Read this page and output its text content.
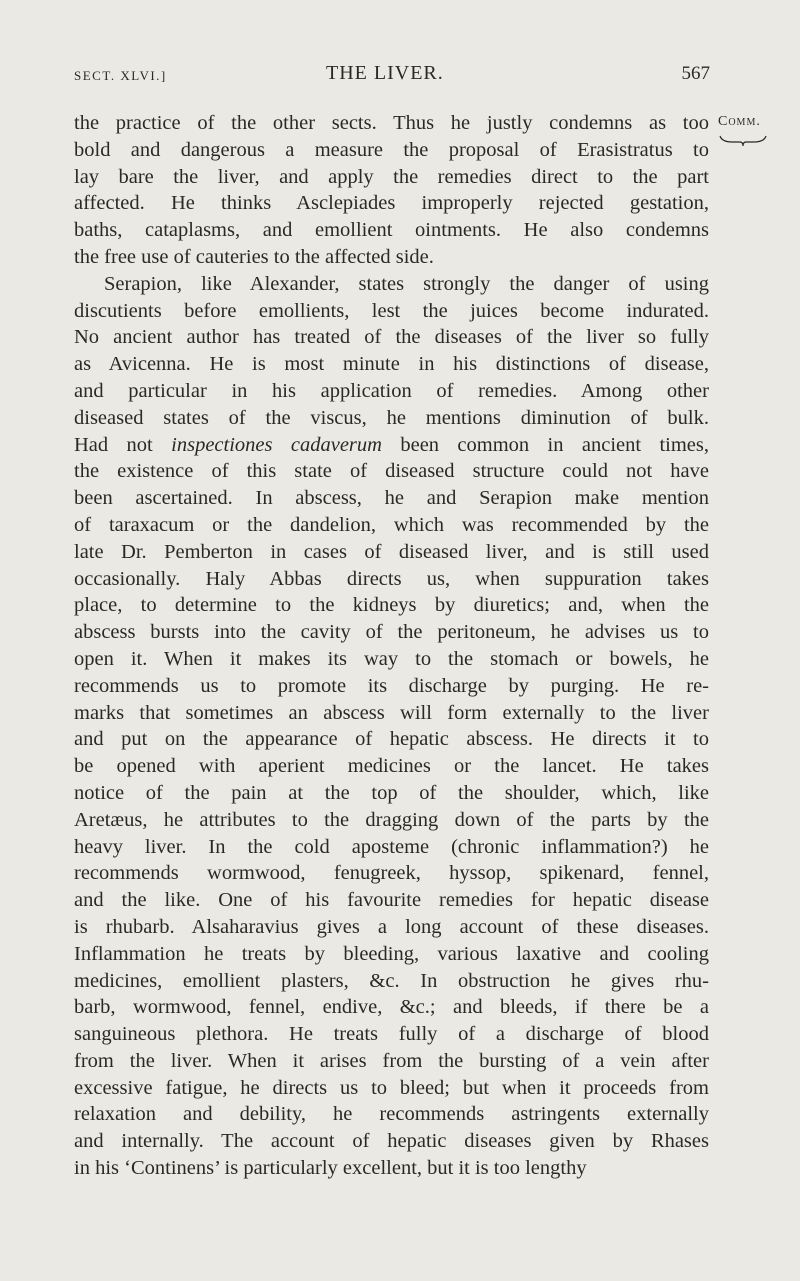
SECT. XLVI.]	THE LIVER.	567
Comm.
the practice of the other sects. Thus he justly condemns as too
bold and dangerous a measure the proposal of Erasistratus to
lay bare the liver, and apply the remedies direct to the part
affected. He thinks Asclepiades improperly rejected gestation,
baths, cataplasms, and emollient ointments. He also condemns
the free use of cauteries to the affected side.
Serapion, like Alexander, states strongly the danger of using
discutients before emollients, lest the juices become indurated.
No ancient author has treated of the diseases of the liver so fully
as Avicenna. He is most minute in his distinctions of disease,
and particular in his application of remedies. Among other
diseased states of the viscus, he mentions diminution of bulk.
Had not inspectiones cadaverum been common in ancient times,
the existence of this state of diseased structure could not have
been ascertained. In abscess, he and Serapion make mention
of taraxacum or the dandelion, which was recommended by the
late Dr. Pemberton in cases of diseased liver, and is still used
occasionally. Haly Abbas directs us, when suppuration takes
place, to determine to the kidneys by diuretics; and, when the
abscess bursts into the cavity of the peritoneum, he advises us to
open it. When it makes its way to the stomach or bowels, he
recommends us to promote its discharge by purging. He re-
marks that sometimes an abscess will form externally to the liver
and put on the appearance of hepatic abscess. He directs it to
be opened with aperient medicines or the lancet. He takes
notice of the pain at the top of the shoulder, which, like
Aretæus, he attributes to the dragging down of the parts by the
heavy liver. In the cold aposteme (chronic inflammation?) he
recommends wormwood, fenugreek, hyssop, spikenard, fennel,
and the like. One of his favourite remedies for hepatic disease
is rhubarb. Alsaharavius gives a long account of these diseases.
Inflammation he treats by bleeding, various laxative and cooling
medicines, emollient plasters, &c. In obstruction he gives rhu-
barb, wormwood, fennel, endive, &c.; and bleeds, if there be a
sanguineous plethora. He treats fully of a discharge of blood
from the liver. When it arises from the bursting of a vein after
excessive fatigue, he directs us to bleed; but when it proceeds from
relaxation and debility, he recommends astringents externally
and internally. The account of hepatic diseases given by Rhases
in his ‘Continens’ is particularly excellent, but it is too lengthy
